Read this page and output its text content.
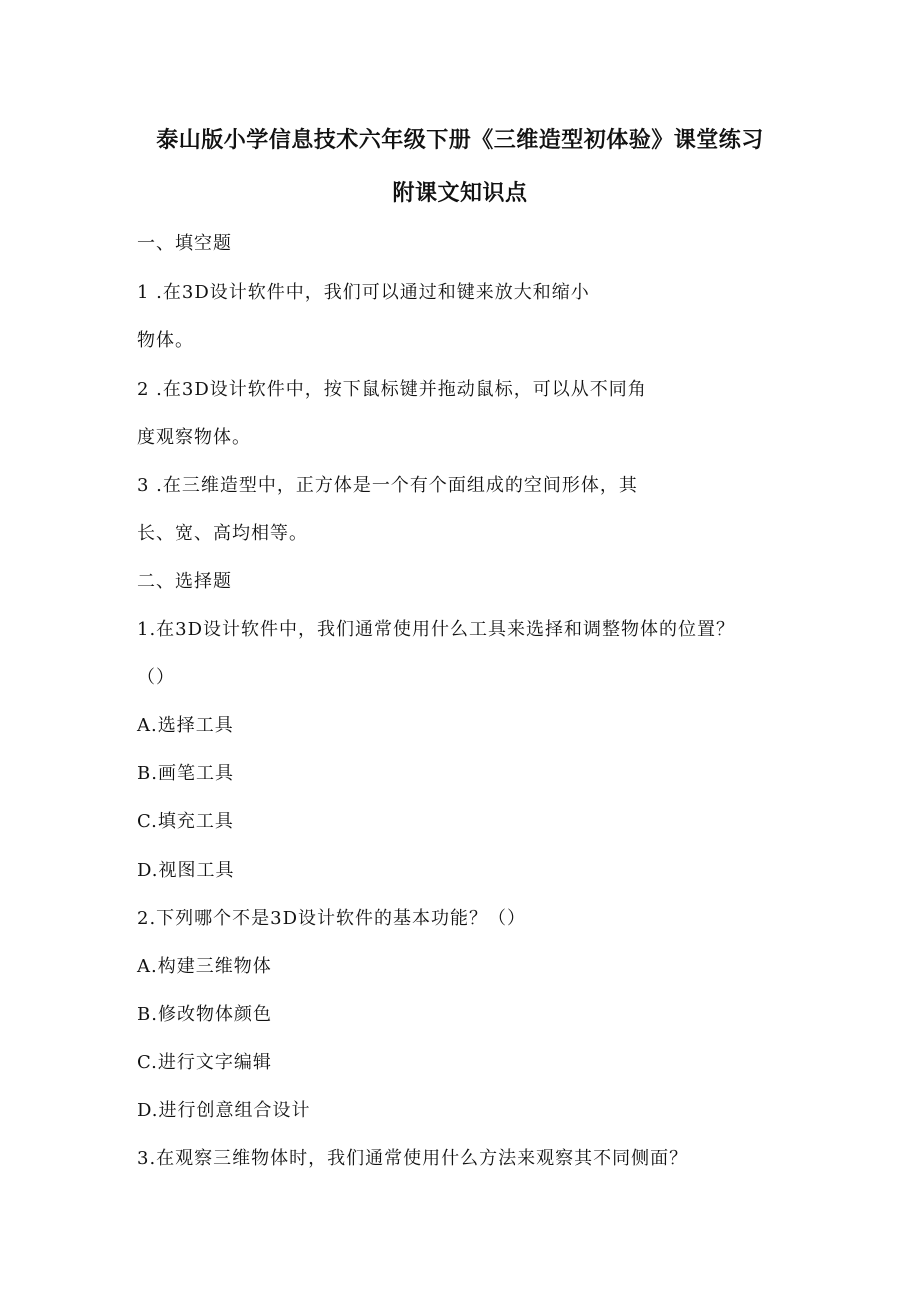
泰山版小学信息技术六年级下册《三维造型初体验》课堂练习
附课文知识点

一、填空题

1 .在3D设计软件中，我们可以通过和键来放大和缩小

物体。

2 .在3D设计软件中，按下鼠标键并拖动鼠标，可以从不同角

度观察物体。

3 .在三维造型中，正方体是一个有个面组成的空间形体，其

长、宽、高均相等。

二、选择题

1.在3D设计软件中，我们通常使用什么工具来选择和调整物体的位置？

（）

A.选择工具

B.画笔工具

C.填充工具

D.视图工具

2.下列哪个不是3D设计软件的基本功能？（）

A.构建三维物体

B.修改物体颜色

C.进行文字编辑

D.进行创意组合设计

3.在观察三维物体时，我们通常使用什么方法来观察其不同侧面？
